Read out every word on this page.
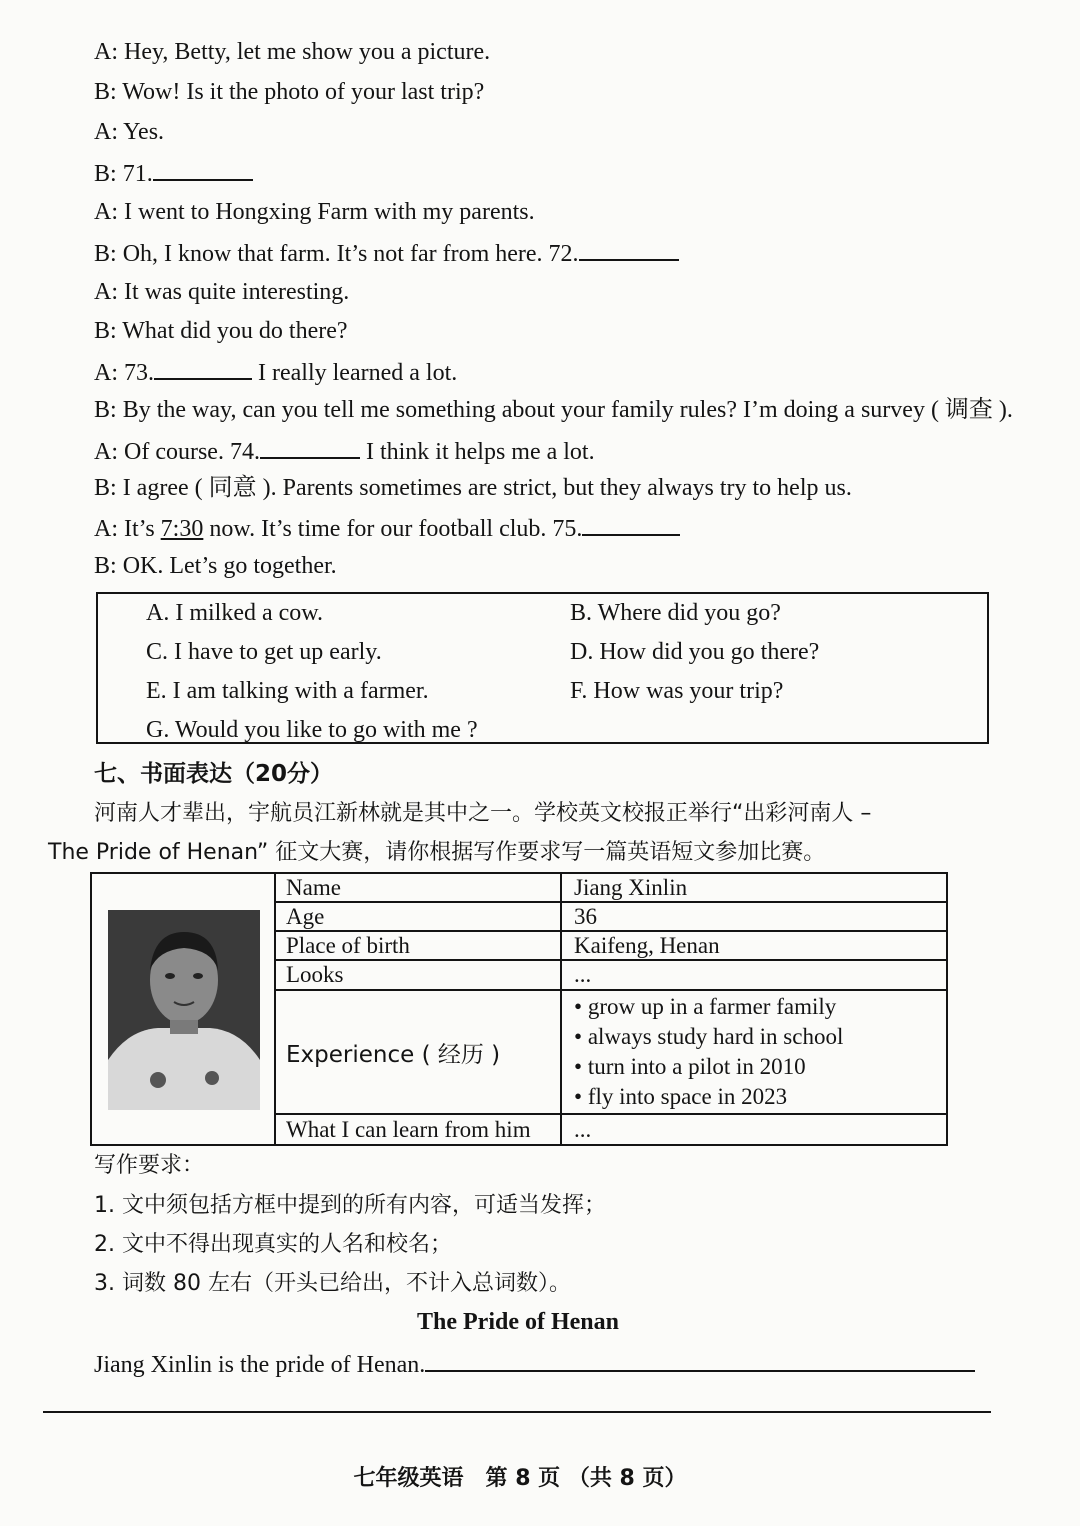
A: Hey, Betty, let me show you a picture.
B: Wow! Is it the photo of your last trip?
A: Yes.
B: 71.
A: I went to Hongxing Farm with my parents.
B: Oh, I know that farm. It’s not far from here. 72.
A: It was quite interesting.
B: What did you do there?
A: 73.	I really learned a lot.
B: By the way, can you tell me something about your family rules? I’m doing a survey ( 调查 ).
A: Of course. 74.	I think it helps me a lot.
B: I agree ( 同意 ). Parents sometimes are strict, but they always try to help us.
A: It’s 7:30 now. It’s time for our football club. 75.
B: OK. Let’s go together.
A. I milked a cow.	B. Where did you go?
C. I have to get up early.	D. How did you go there?
E. I am talking with a farmer.	F. How was your trip?
G. Would you like to go with me ?
七、书面表达（20分）
河南人才辈出，宇航员江新林就是其中之一。学校英文校报正举行“出彩河南人 –
The Pride of Henan” 征文大赛，请你根据写作要求写一篇英语短文参加比赛。
Name	Jiang Xinlin
Age	36
Place of birth	Kaifeng, Henan
Looks	...
Experience ( 经历 )
• grow up in a farmer family
• always study hard in school
• turn into a pilot in 2010
• fly into space in 2023
What I can learn from him	...
写作要求：
1. 文中须包括方框中提到的所有内容，可适当发挥；
2. 文中不得出现真实的人名和校名；
3. 词数 80 左右（开头已给出，不计入总词数）。
The Pride of Henan
Jiang Xinlin is the pride of Henan.
七年级英语　第 8 页 （共 8 页）
